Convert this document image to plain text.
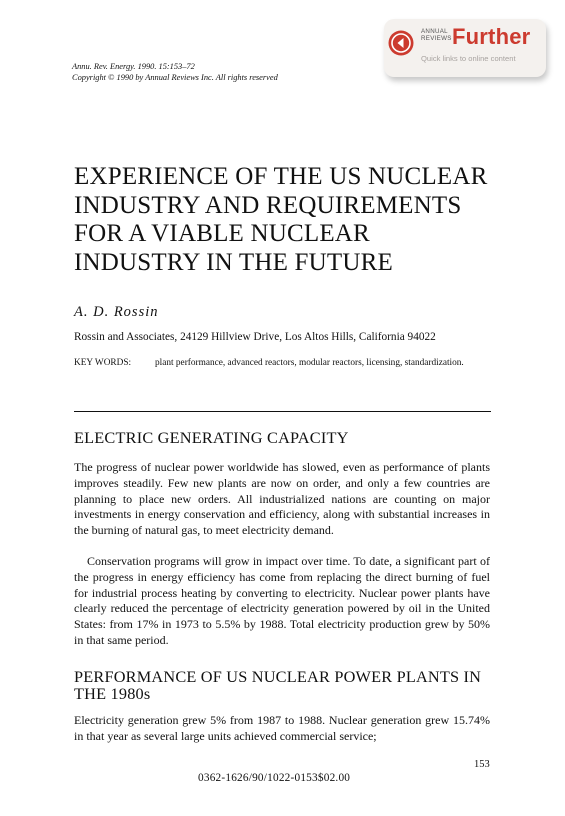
Annu. Rev. Energy. 1990. 15:153–72
Copyright © 1990 by Annual Reviews Inc. All rights reserved
ANNUAL
REVIEWS Further
Quick links to online content
EXPERIENCE OF THE US NUCLEAR
INDUSTRY AND REQUIREMENTS
FOR A VIABLE NUCLEAR
INDUSTRY IN THE FUTURE
A. D. Rossin
Rossin and Associates, 24129 Hillview Drive, Los Altos Hills, California 94022
KEY WORDS:	plant performance, advanced reactors, modular reactors, licensing, standardization.
ELECTRIC GENERATING CAPACITY
The progress of nuclear power worldwide has slowed, even as performance of plants improves steadily. Few new plants are now on order, and only a few countries are planning to place new orders. All industrialized nations are counting on major investments in energy conservation and efficiency, along with substantial increases in the burning of natural gas, to meet electricity demand.
Conservation programs will grow in impact over time. To date, a significant part of the progress in energy efficiency has come from replacing the direct burning of fuel for industrial process heating by converting to electricity. Nuclear power plants have clearly reduced the percentage of electricity generation powered by oil in the United States: from 17% in 1973 to 5.5% by 1988. Total electricity production grew by 50% in that same period.
PERFORMANCE OF US NUCLEAR POWER PLANTS IN THE 1980s
Electricity generation grew 5% from 1987 to 1988. Nuclear generation grew 15.74% in that year as several large units achieved commercial service;
153
0362-1626/90/1022-0153$02.00
